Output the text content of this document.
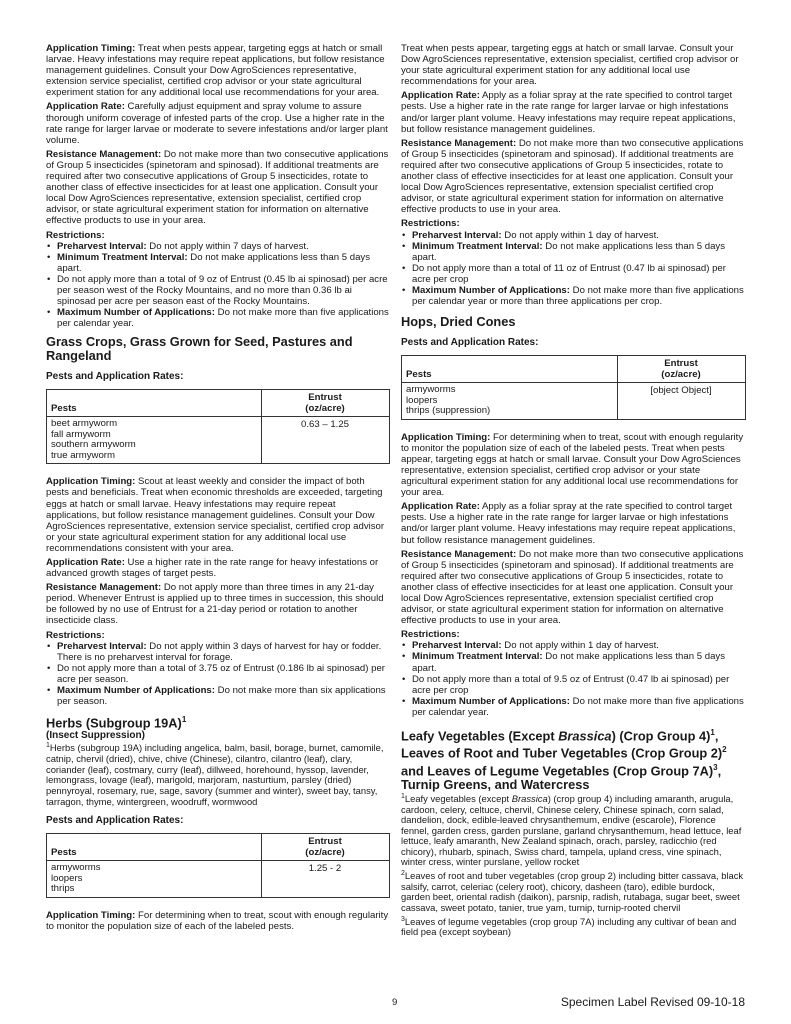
Application Timing: Treat when pests appear, targeting eggs at hatch or small larvae. Heavy infestations may require repeat applications, but follow resistance management guidelines. Consult your Dow AgroSciences representative, extension service specialist, certified crop advisor or your state agricultural experiment station for any additional local use recommendations for your area.

Application Rate: Carefully adjust equipment and spray volume to assure thorough uniform coverage of infested parts of the crop. Use a higher rate in the rate range for larger larvae or moderate to severe infestations and/or larger plant volume.

Resistance Management: Do not make more than two consecutive applications of Group 5 insecticides (spinetoram and spinosad). If additional treatments are required after two consecutive applications of Group 5 insecticides, rotate to another class of effective insecticides for at least one application. Consult your local Dow AgroSciences representative, extension specialist, certified crop advisor, or state agricultural experiment station for information on alternative effective products to use in your area.

Restrictions:

• Preharvest Interval: Do not apply within 7 days of harvest.
• Minimum Treatment Interval: Do not make applications less than 5 days apart.
• Do not apply more than a total of 9 oz of Entrust (0.45 lb ai spinosad) per acre per season west of the Rocky Mountains, and no more than 0.36 lb ai spinosad per acre per season east of the Rocky Mountains.
• Maximum Number of Applications: Do not make more than five applications per calendar year.
Grass Crops, Grass Grown for Seed, Pastures and Rangeland

Pests and Application Rates:

Pests	Entrust
(oz/acre)

beet armyworm
fall armyworm
southern armyworm
true armyworm	0.63 – 1.25

Application Timing: Scout at least weekly and consider the impact of both pests and beneficials. Treat when economic thresholds are exceeded, targeting eggs at hatch or small larvae. Heavy infestations may require repeat applications, but follow resistance management guidelines. Consult your Dow AgroSciences representative, extension service specialist, certified crop advisor or your state agricultural experiment station for any additional local use recommendations consistent with your area.

Application Rate: Use a higher rate in the rate range for heavy infestations or advanced growth stages of target pests.

Resistance Management: Do not apply more than three times in any 21-day period. Whenever Entrust is applied up to three times in succession, this should be followed by no use of Entrust for a 21-day period or rotation to another insecticide class.

Restrictions:

• Preharvest Interval: Do not apply within 3 days of harvest for hay or fodder. There is no preharvest interval for forage.
• Do not apply more than a total of 3.75 oz of Entrust (0.186 lb ai spinosad) per acre per season.
• Maximum Number of Applications: Do not make more than six applications per season.
Herbs (Subgroup 19A)$^1$

(Insect Suppression)

$^1$Herbs (subgroup 19A) including angelica, balm, basil, borage, burnet, camomile, catnip, chervil (dried), chive, chive (Chinese), cilantro, cilantro (leaf), clary, coriander (leaf), costmary, curry (leaf), dillweed, horehound, hyssop, lavender, lemongrass, lovage (leaf), marigold, marjoram, nasturtium, parsley (dried) pennyroyal, rosemary, rue, sage, savory (summer and winter), sweet bay, tansy, tarragon, thyme, wintergreen, woodruff, wormwood

Pests and Application Rates:

Pests	Entrust
(oz/acre)

armyworms
loopers
thrips	1.25 - 2

Application Timing: For determining when to treat, scout with enough regularity to monitor the population size of each of the labeled pests.

Treat when pests appear, targeting eggs at hatch or small larvae. Consult your Dow AgroSciences representative, extension specialist, certified crop advisor or your state agricultural experiment station for any additional local use recommendations for your area.

Application Rate: Apply as a foliar spray at the rate specified to control target pests. Use a higher rate in the rate range for larger larvae or high infestations and/or larger plant volume. Heavy infestations may require repeat applications, but follow resistance management guidelines.

Resistance Management: Do not make more than two consecutive applications of Group 5 insecticides (spinetoram and spinosad). If additional treatments are required after two consecutive applications of Group 5 insecticides, rotate to another class of effective insecticides for at least one application. Consult your local Dow AgroSciences representative, extension specialist certified crop advisor, or state agricultural experiment station for information on alternative effective products to use in your area.

Restrictions:

• Preharvest Interval: Do not apply within 1 day of harvest.
• Minimum Treatment Interval: Do not make applications less than 5 days apart.
• Do not apply more than a total of 11 oz of Entrust (0.47 lb ai spinosad) per acre per crop
• Maximum Number of Applications: Do not make more than five applications per calendar year or more than three applications per crop.
Hops, Dried Cones

Pests and Application Rates:

Pests	Entrust
(oz/acre)

armyworms
loopers
thrips (suppression)	[object Object]

Application Timing: For determining when to treat, scout with enough regularity to monitor the population size of each of the labeled pests. Treat when pests appear, targeting eggs at hatch or small larvae. Consult your Dow AgroSciences representative, extension specialist, certified crop advisor or your state agricultural experiment station for any additional local use recommendations for your area.

Application Rate: Apply as a foliar spray at the rate specified to control target pests. Use a higher rate in the rate range for larger larvae or high infestations and/or larger plant volume. Heavy infestations may require repeat applications, but follow resistance management guidelines.

Resistance Management: Do not make more than two consecutive applications of Group 5 insecticides (spinetoram and spinosad). If additional treatments are required after two consecutive applications of Group 5 insecticides, rotate to another class of effective insecticides for at least one application. Consult your local Dow AgroSciences representative, extension specialist certified crop advisor, or state agricultural experiment station for information on alternative effective products to use in your area.

Restrictions:

• Preharvest Interval: Do not apply within 1 day of harvest.
• Minimum Treatment Interval: Do not make applications less than 5 days apart.
• Do not apply more than a total of 9.5 oz of Entrust (0.47 lb ai spinosad) per acre per crop
• Maximum Number of Applications: Do not make more than five applications per calendar year.
Leafy Vegetables (Except Brassica) (Crop Group 4)$^1$, Leaves of Root and Tuber Vegetables (Crop Group 2)$^2$ and Leaves of Legume Vegetables (Crop Group 7A)$^3$, Turnip Greens, and Watercress

$^1$Leafy vegetables (except Brassica) (crop group 4) including amaranth, arugula, cardoon, celery, celtuce, chervil, Chinese celery, Chinese spinach, corn salad, dandelion, dock, edible-leaved chrysanthemum, endive (escarole), Florence fennel, garden cress, garden purslane, garland chrysanthemum, head lettuce, leaf lettuce, leafy amaranth, New Zealand spinach, orach, parsley, radicchio (red chicory), rhubarb, spinach, Swiss chard, tampela, upland cress, vine spinach, winter cress, winter purslane, yellow rocket

$^2$Leaves of root and tuber vegetables (crop group 2) including bitter cassava, black salsify, carrot, celeriac (celery root), chicory, dasheen (taro), edible burdock, garden beet, oriental radish (daikon), parsnip, radish, rutabaga, sugar beet, sweet cassava, sweet potato, tanier, true yam, turnip, turnip-rooted chervil

$^3$Leaves of legume vegetables (crop group 7A) including any cultivar of bean and field pea (except soybean)

9	Specimen Label Revised 09-10-18
